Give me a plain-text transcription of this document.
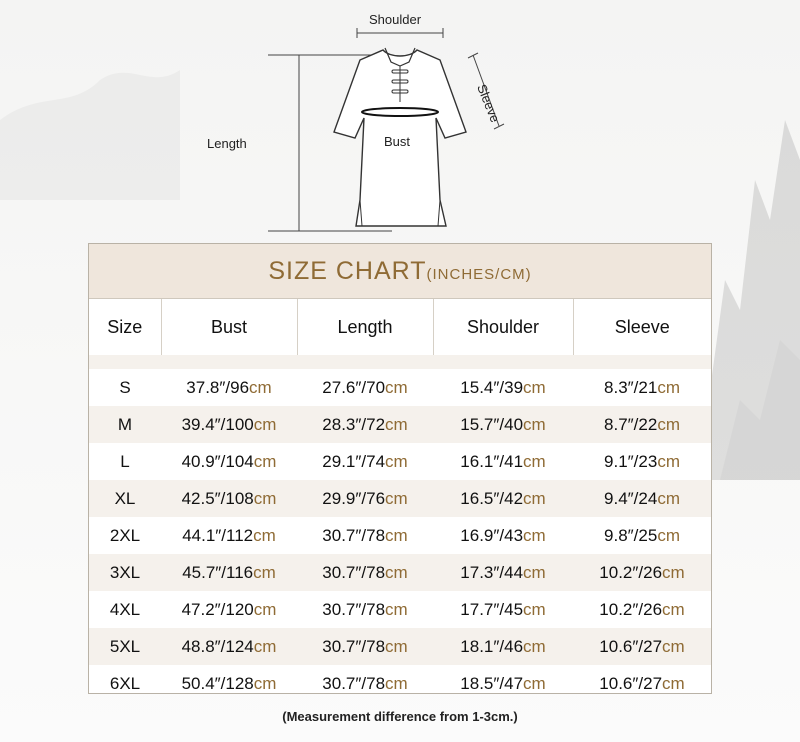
Shoulder
Sleeve
Length	Bust
SIZE CHART(INCHES/CM)
Size	Bust	Length	Shoulder	Sleeve

S	37.8″/96cm	27.6″/70cm	15.4″/39cm	8.3″/21cm
M	39.4″/100cm	28.3″/72cm	15.7″/40cm	8.7″/22cm
L	40.9″/104cm	29.1″/74cm	16.1″/41cm	9.1″/23cm
XL	42.5″/108cm	29.9″/76cm	16.5″/42cm	9.4″/24cm
2XL	44.1″/112cm	30.7″/78cm	16.9″/43cm	9.8″/25cm
3XL	45.7″/116cm	30.7″/78cm	17.3″/44cm	10.2″/26cm
4XL	47.2″/120cm	30.7″/78cm	17.7″/45cm	10.2″/26cm
5XL	48.8″/124cm	30.7″/78cm	18.1″/46cm	10.6″/27cm
6XL	50.4″/128cm	30.7″/78cm	18.5″/47cm	10.6″/27cm
(Measurement difference from 1-3cm.)
